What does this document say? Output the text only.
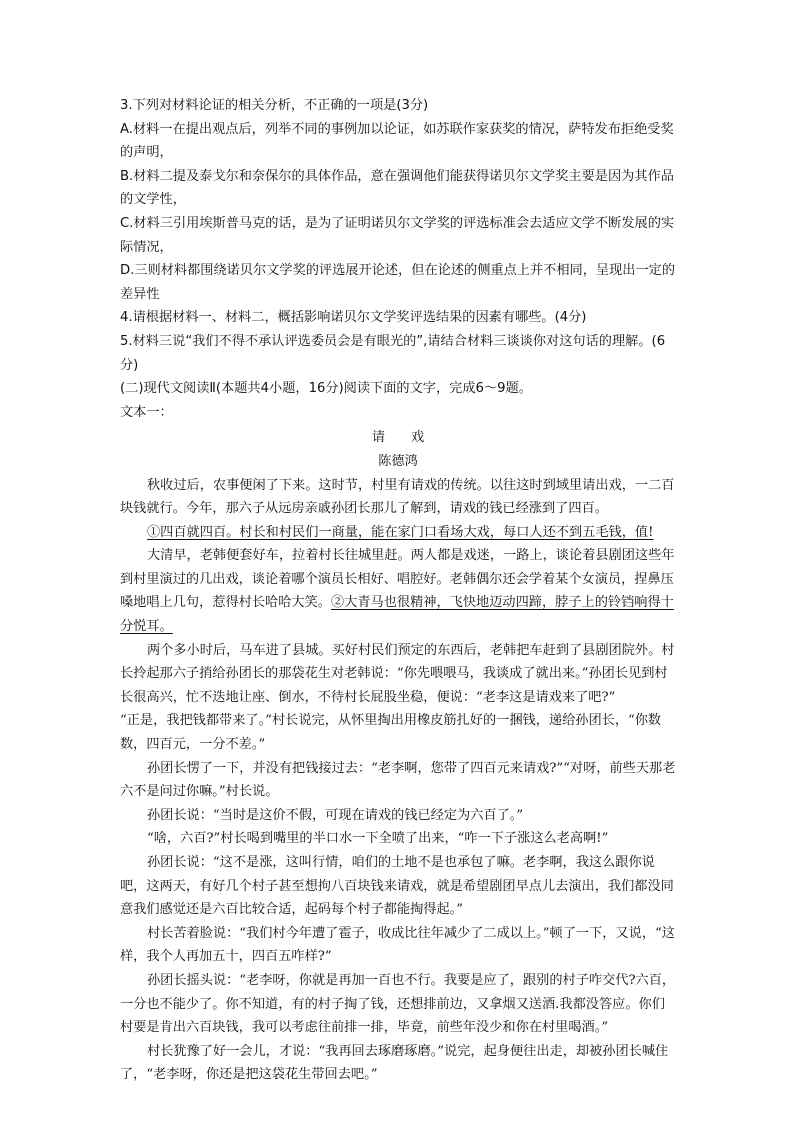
3.下列对材料论证的相关分析，不正确的一项是(3分)

A.材料一在提出观点后，列举不同的事例加以论证，如苏联作家获奖的情况，萨特发布拒绝受奖的声明，

B.材料二提及泰戈尔和奈保尔的具体作品，意在强调他们能获得诺贝尔文学奖主要是因为其作品的文学性，

C.材料三引用埃斯普马克的话，是为了证明诺贝尔文学奖的评选标准会去适应文学不断发展的实际情况，

D.三则材料都围绕诺贝尔文学奖的评选展开论述，但在论述的侧重点上并不相同，呈现出一定的差异性

4.请根据材料一、材料二，概括影响诺贝尔文学奖评选结果的因素有哪些。(4分)

5.材料三说“我们不得不承认评选委员会是有眼光的”,请结合材料三谈谈你对这句话的理解。(6分)

(二)现代文阅读Ⅱ(本题共4小题，16分)阅读下面的文字，完成6～9题。

文本一：

请戏

陈德鸿

秋收过后，农事便闲了下来。这时节，村里有请戏的传统。以往这时到域里请出戏，一二百块钱就行。今年，那六子从远房亲戚孙团长那儿了解到，请戏的钱已经涨到了四百。

①四百就四百。村长和村民们一商量，能在家门口看场大戏，每口人还不到五毛钱，值!

大清早，老韩便套好车，拉着村长往城里赶。两人都是戏迷，一路上，谈论着县剧团这些年到村里演过的几出戏，谈论着哪个演员长相好、唱腔好。老韩偶尔还会学着某个女演员，捏鼻压嗓地唱上几句，惹得村长哈哈大笑。②大青马也很精神，飞快地迈动四蹄，脖子上的铃铛响得十分悦耳。

两个多小时后，马车进了县城。买好村民们预定的东西后，老韩把车赶到了县剧团院外。村长拎起那六子捎给孙团长的那袋花生对老韩说：“你先喂喂马，我谈成了就出来。”孙团长见到村长很高兴，忙不迭地让座、倒水，不待村长屁股坐稳，便说：“老李这是请戏来了吧?”

“正是，我把钱都带来了。”村长说完，从怀里掏出用橡皮筋扎好的一捆钱，递给孙团长，“你数数，四百元，一分不差。”

孙团长愣了一下，并没有把钱接过去：“老李啊，您带了四百元来请戏?”“对呀，前些天那老六不是问过你嘛。”村长说。

孙团长说：“当时是这价不假，可现在请戏的钱已经定为六百了。”

“啥，六百?”村长喝到嘴里的半口水一下全喷了出来，“咋一下子涨这么老高啊!”

孙团长说：“这不是涨，这叫行情，咱们的土地不是也承包了嘛。老李啊，我这么跟你说吧，这两天，有好几个村子甚至想拘八百块钱来请戏，就是希望剧团早点儿去演出，我们都没同意我们感觉还是六百比较合适，起码每个村子都能掏得起。”

村长苦着脸说：“我们村今年遭了雹子，收成比往年减少了二成以上。”顿了一下，又说，“这样，我个人再加五十，四百五咋样?”

孙团长摇头说：“老李呀，你就是再加一百也不行。我要是应了，跟别的村子咋交代?六百，一分也不能少了。你不知道，有的村子掏了钱，还想排前边，又拿烟又送酒.我都没答应。你们村要是肯出六百块钱，我可以考虑往前排一排，毕竟，前些年没少和你在村里喝酒。”

村长犹豫了好一会儿，才说：“我再回去琢磨琢磨。”说完，起身便往出走，却被孙团长喊住了，“老李呀，你还是把这袋花生带回去吧。”
